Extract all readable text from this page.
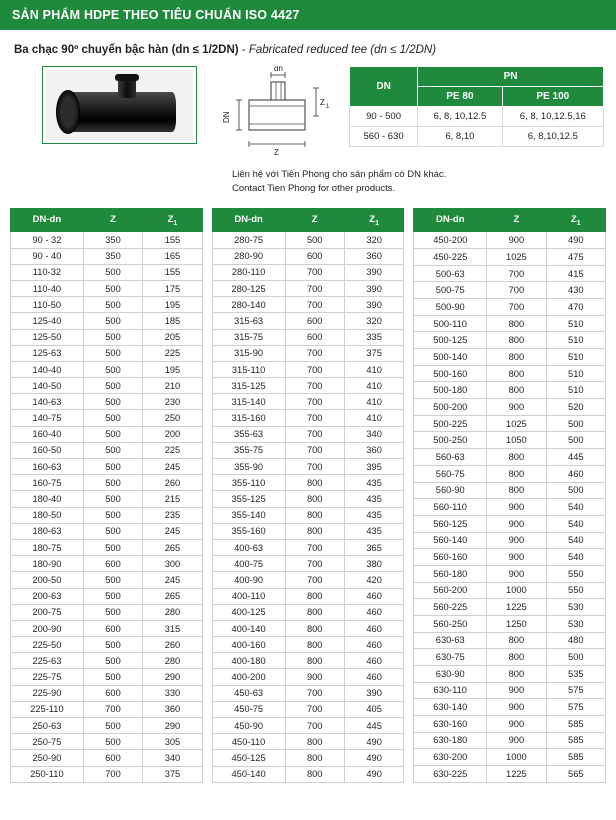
SẢN PHẨM HDPE THEO TIÊU CHUẨN ISO 4427
Ba chạc 90º chuyển bậc hàn (dn ≤ 1/2DN) - Fabricated reduced tee (dn ≤ 1/2DN)
dn
DN
Z
Z 1
DN	PN	
	PE 80	PE 100
90 - 500	6, 8, 10,12.5	6, 8, 10,12.5,16
560 - 630	6, 8,10	6, 8,10,12.5
Liên hệ với Tiền Phong cho sản phẩm có DN khác.
Contact Tien Phong for other products.
DN-dn	Z	$Z_1$
90 - 32	350	155
90 - 40	350	165
110-32	500	155
110-40	500	175
110-50	500	195
125-40	500	185
125-50	500	205
125-63	500	225
140-40	500	195
140-50	500	210
140-63	500	230
140-75	500	250
160-40	500	200
160-50	500	225
160-63	500	245
160-75	500	260
180-40	500	215
180-50	500	235
180-63	500	245
180-75	500	265
180-90	600	300
200-50	500	245
200-63	500	265
200-75	500	280
200-90	600	315
225-50	500	260
225-63	500	280
225-75	500	290
225-90	600	330
225-110	700	360
250-63	500	290
250-75	500	305
250-90	600	340
250-110	700	375
DN-dn	Z	$Z_1$
280-75	500	320
280-90	600	360
280-110	700	390
280-125	700	390
280-140	700	390
315-63	600	320
315-75	600	335
315-90	700	375
315-110	700	410
315-125	700	410
315-140	700	410
315-160	700	410
355-63	700	340
355-75	700	360
355-90	700	395
355-110	800	435
355-125	800	435
355-140	800	435
355-160	800	435
400-63	700	365
400-75	700	380
400-90	700	420
400-110	800	460
400-125	800	460
400-140	800	460
400-160	800	460
400-180	800	460
400-200	900	460
450-63	700	390
450-75	700	405
450-90	700	445
450-110	800	490
450-125	800	490
450-140	800	490
DN-dn	Z	$Z_1$
450-200	900	490
450-225	1025	475
500-63	700	415
500-75	700	430
500-90	700	470
500-110	800	510
500-125	800	510
500-140	800	510
500-160	800	510
500-180	800	510
500-200	900	520
500-225	1025	500
500-250	1050	500
560-63	800	445
560-75	800	460
560-90	800	500
560-110	900	540
560-125	900	540
560-140	900	540
560-160	900	540
560-180	900	550
560-200	1000	550
560-225	1225	530
560-250	1250	530
630-63	800	480
630-75	800	500
630-90	800	535
630-110	900	575
630-140	900	575
630-160	900	585
630-180	900	585
630-200	1000	585
630-225	1225	565
